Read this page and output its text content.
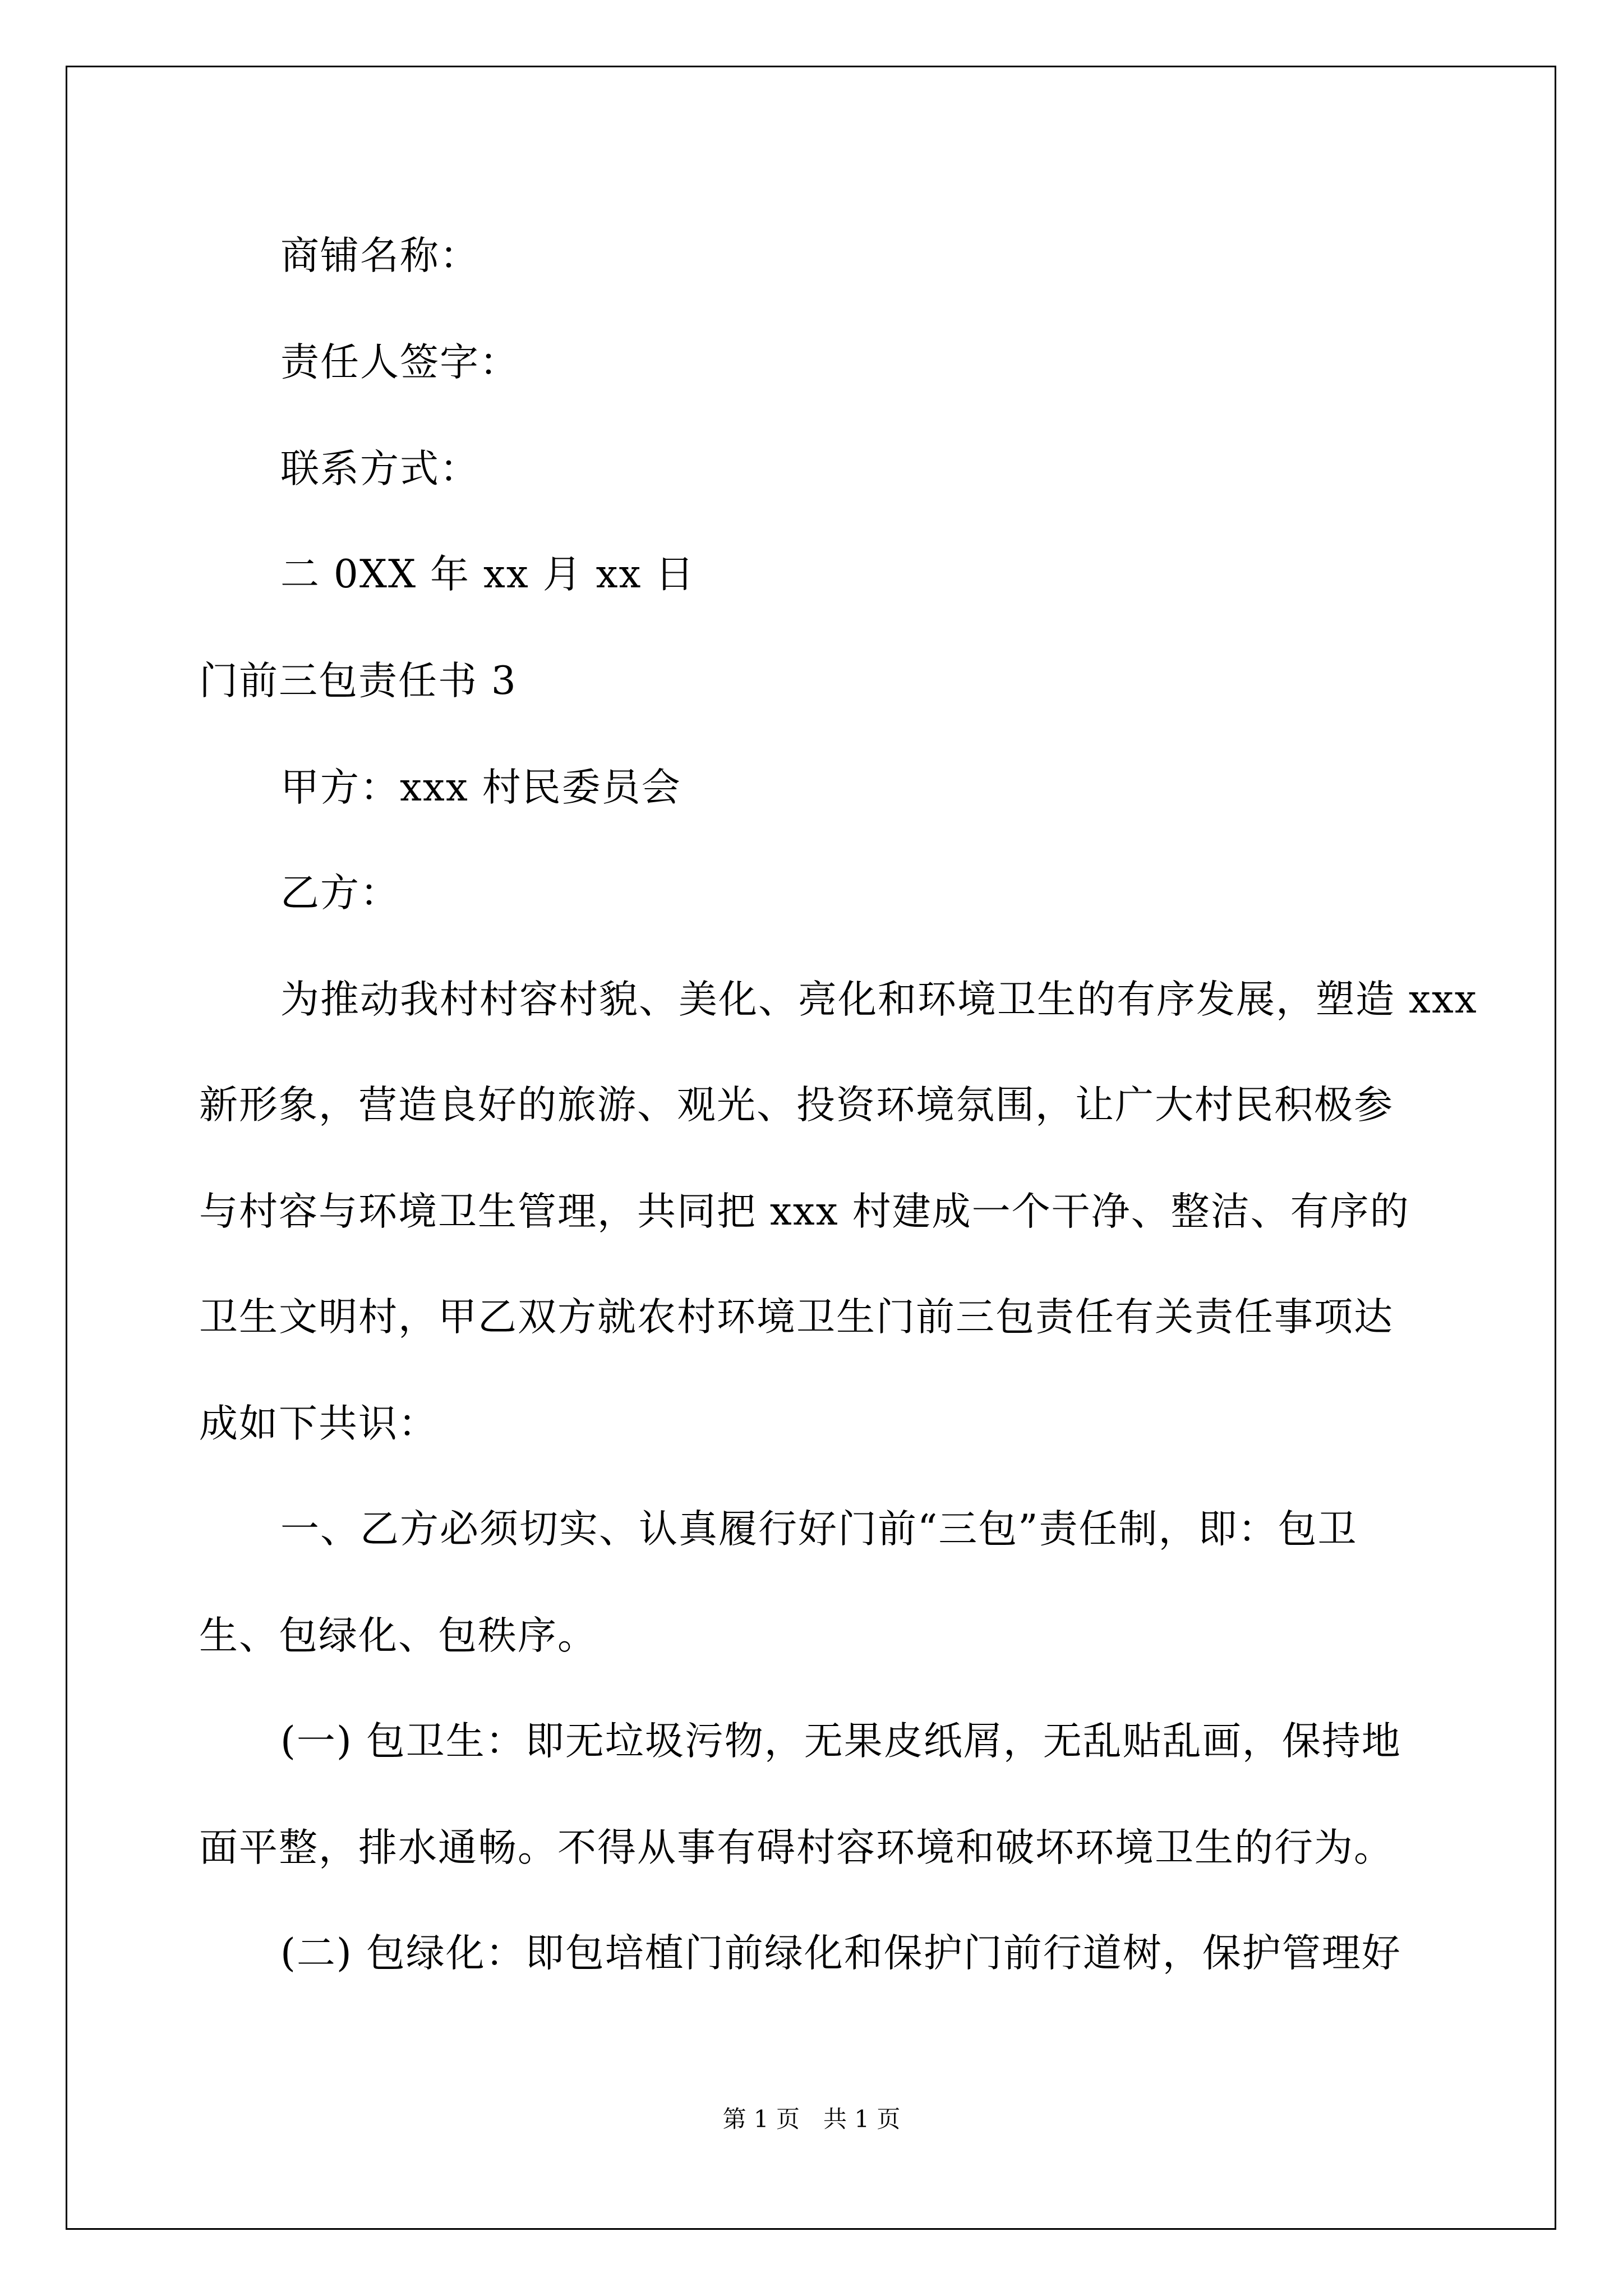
商铺名称：
责任人签字：
联系方式：
二 0XX 年 xx 月 xx 日
门前三包责任书 3
甲方：xxx 村民委员会
乙方：
为推动我村村容村貌、美化、亮化和环境卫生的有序发展，塑造 xxx
新形象，营造良好的旅游、观光、投资环境氛围，让广大村民积极参
与村容与环境卫生管理，共同把 xxx 村建成一个干净、整洁、有序的
卫生文明村，甲乙双方就农村环境卫生门前三包责任有关责任事项达
成如下共识：
一、乙方必须切实、认真履行好门前“三包”责任制，即：包卫
生、包绿化、包秩序。
(一) 包卫生：即无垃圾污物，无果皮纸屑，无乱贴乱画，保持地
面平整，排水通畅。不得从事有碍村容环境和破坏环境卫生的行为。
(二) 包绿化：即包培植门前绿化和保护门前行道树，保护管理好
第 1 页　共 1 页
